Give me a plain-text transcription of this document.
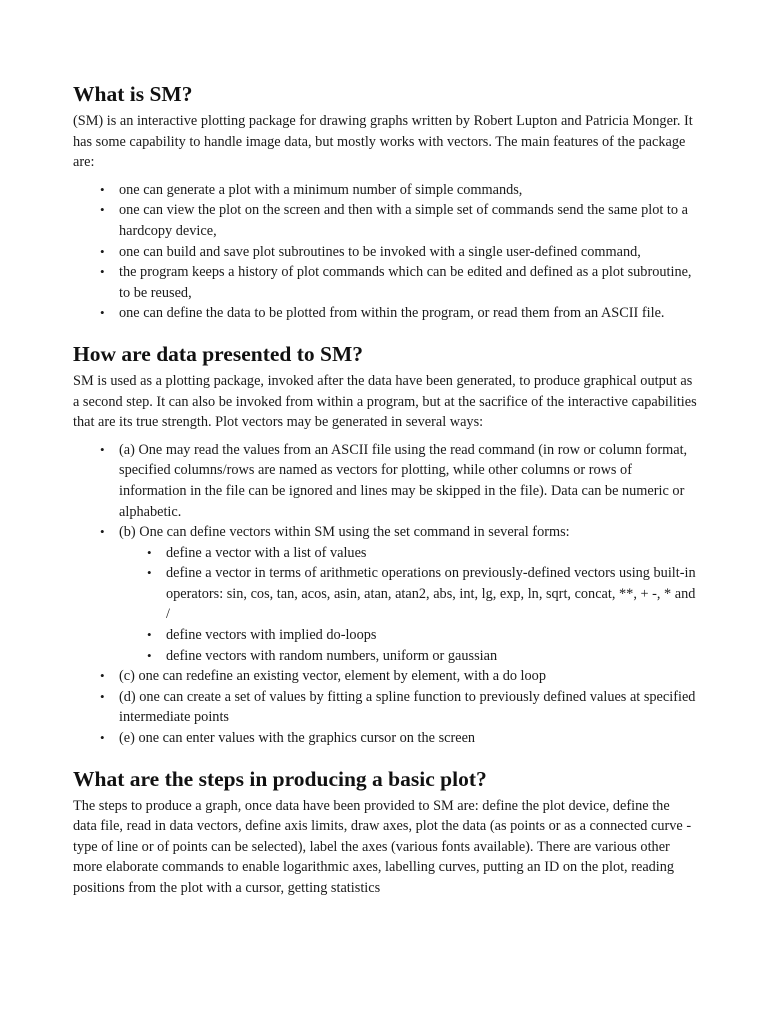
What is SM?

(SM) is an interactive plotting package for drawing graphs written by Robert Lupton and Patricia Monger. It has some capability to handle image data, but mostly works with vectors. The main features of the package are:

• one can generate a plot with a minimum number of simple commands,
• one can view the plot on the screen and then with a simple set of commands send the same plot to a hardcopy device,
• one can build and save plot subroutines to be invoked with a single user-defined command,
• the program keeps a history of plot commands which can be edited and defined as a plot subroutine, to be reused,
• one can define the data to be plotted from within the program, or read them from an ASCII file.
How are data presented to SM?

SM is used as a plotting package, invoked after the data have been generated, to produce graphical output as a second step. It can also be invoked from within a program, but at the sacrifice of the interactive capabilities that are its true strength. Plot vectors may be generated in several ways:

• (a) One may read the values from an ASCII file using the read command (in row or column format, specified columns/rows are named as vectors for plotting, while other columns or rows of information in the file can be ignored and lines may be skipped in the file). Data can be numeric or alphabetic.
• (b) One can define vectors within SM using the set command in several forms:
• define a vector with a list of values
• define a vector in terms of arithmetic operations on previously-defined vectors using built-in operators: sin, cos, tan, acos, asin, atan, atan2, abs, int, lg, exp, ln, sqrt, concat, **, + -, * and /
• define vectors with implied do-loops
• define vectors with random numbers, uniform or gaussian
• (c) one can redefine an existing vector, element by element, with a do loop
• (d) one can create a set of values by fitting a spline function to previously defined values at specified intermediate points
• (e) one can enter values with the graphics cursor on the screen
What are the steps in producing a basic plot?

The steps to produce a graph, once data have been provided to SM are: define the plot device, define the data file, read in data vectors, define axis limits, draw axes, plot the data (as points or as a connected curve - type of line or of points can be selected), label the axes (various fonts available). There are various other more elaborate commands to enable logarithmic axes, labelling curves, putting an ID on the plot, reading positions from the plot with a cursor, getting statistics
